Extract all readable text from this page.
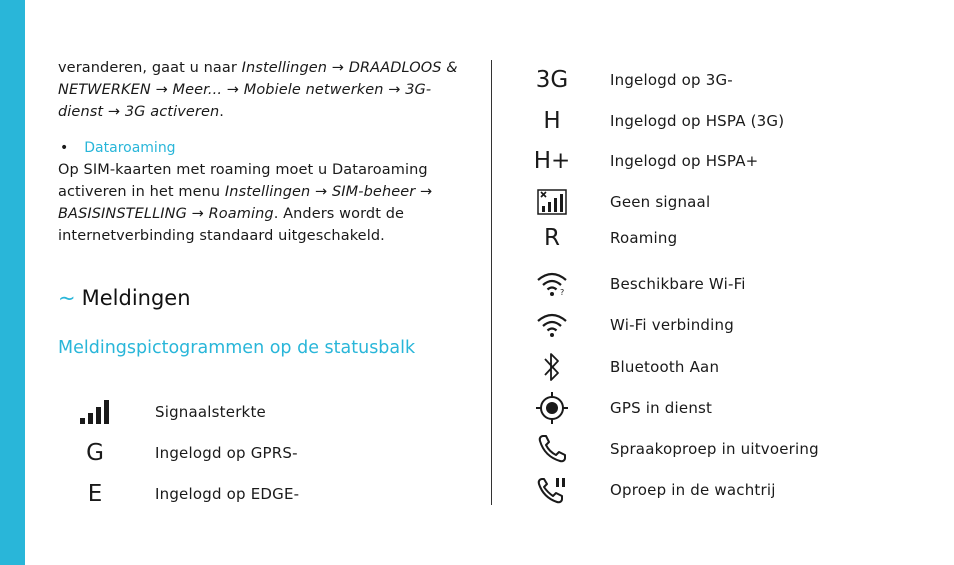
veranderen, gaat u naar Instellingen → DRAADLOOS & NETWERKEN → Meer... → Mobiele netwerken → 3G-dienst → 3G activeren.

• Dataroaming

Op SIM-kaarten met roaming moet u Dataroaming activeren in het menu Instellingen → SIM-beheer → BASISINSTELLING → Roaming. Anders wordt de internetverbinding standaard uitgeschakeld.

~ Meldingen
Meldingspictogrammen op de statusbalk
Signaalsterkte
G	Ingelogd op GPRS-
E	Ingelogd op EDGE-
3G	Ingelogd op 3G-
H	Ingelogd op HSPA (3G)
H+	Ingelogd op HSPA+
Geen signaal
R	Roaming
?	Beschikbare Wi-Fi
Wi-Fi verbinding
Bluetooth Aan
GPS in dienst
Spraakoproep in uitvoering
Oproep in de wachtrij
